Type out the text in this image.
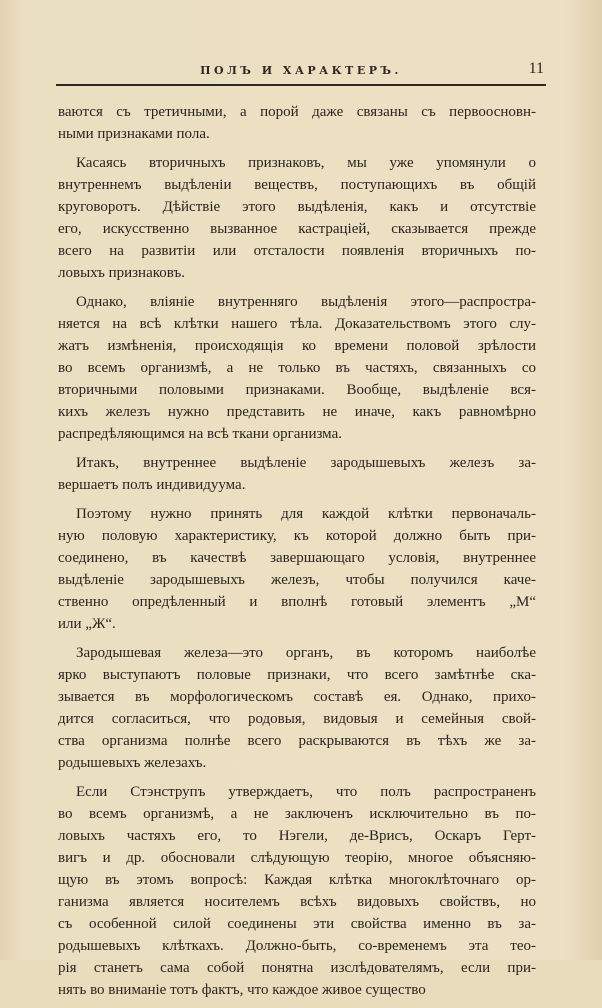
ПОЛЪ И ХАРАКТЕРЪ.	11
ваются съ третичными, а порой даже связаны съ первоосновн-
ными признаками пола.
Касаясь вторичныхъ признаковъ, мы уже упомянули о
внутреннемъ выдѣленіи веществъ, поступающихъ въ общій
круговоротъ. Дѣйствіе этого выдѣленія, какъ и отсутствіе
его, искусственно вызванное кастраціей, сказывается прежде
всего на развитіи или отсталости появленія вторичныхъ по-
ловыхъ признаковъ.
Однако, вліяніе внутренняго выдѣленія этого—распростра-
няется на всѣ клѣтки нашего тѣла. Доказательствомъ этого слу-
жатъ измѣненія, происходящія ко времени половой зрѣлости
во всемъ организмѣ, а не только въ частяхъ, связанныхъ со
вторичными половыми признаками. Вообще, выдѣленіе вся-
кихъ железъ нужно представить не иначе, какъ равномѣрно
распредѣляющимся на всѣ ткани организма.
Итакъ, внутреннее выдѣленіе зародышевыхъ железъ за-
вершаетъ полъ индивидуума.
Поэтому нужно принять для каждой клѣтки первоначаль-
ную половую характеристику, къ которой должно быть при-
соединено, въ качествѣ завершающаго условія, внутреннее
выдѣленіе зародышевыхъ железъ, чтобы получился каче-
ственно опредѣленный и вполнѣ готовый элементъ „М“
или „Ж“.
Зародышевая железа—это органъ, въ которомъ наиболѣе
ярко выступаютъ половые признаки, что всего замѣтнѣе ска-
зывается въ морфологическомъ составѣ ея. Однако, прихо-
дится согласиться, что родовыя, видовыя и семейныя свой-
ства организма полнѣе всего раскрываются въ тѣхъ же за-
родышевыхъ железахъ.
Если Стэнструпъ утверждаетъ, что полъ распространенъ
во всемъ организмѣ, а не заключенъ исключительно въ по-
ловыхъ частяхъ его, то Нэгели, де-Врисъ, Оскаръ Герт-
вигъ и др. обосновали слѣдующую теорію, многое объясняю-
щую въ этомъ вопросѣ: Каждая клѣтка многоклѣточнаго ор-
ганизма является носителемъ всѣхъ видовыхъ свойствъ, но
съ особенной силой соединены эти свойства именно въ за-
родышевыхъ клѣткахъ. Должно-быть, со-временемъ эта тео-
рія станетъ сама собой понятна изслѣдователямъ, если при-
нять во вниманіе тотъ фактъ, что каждое живое существо
